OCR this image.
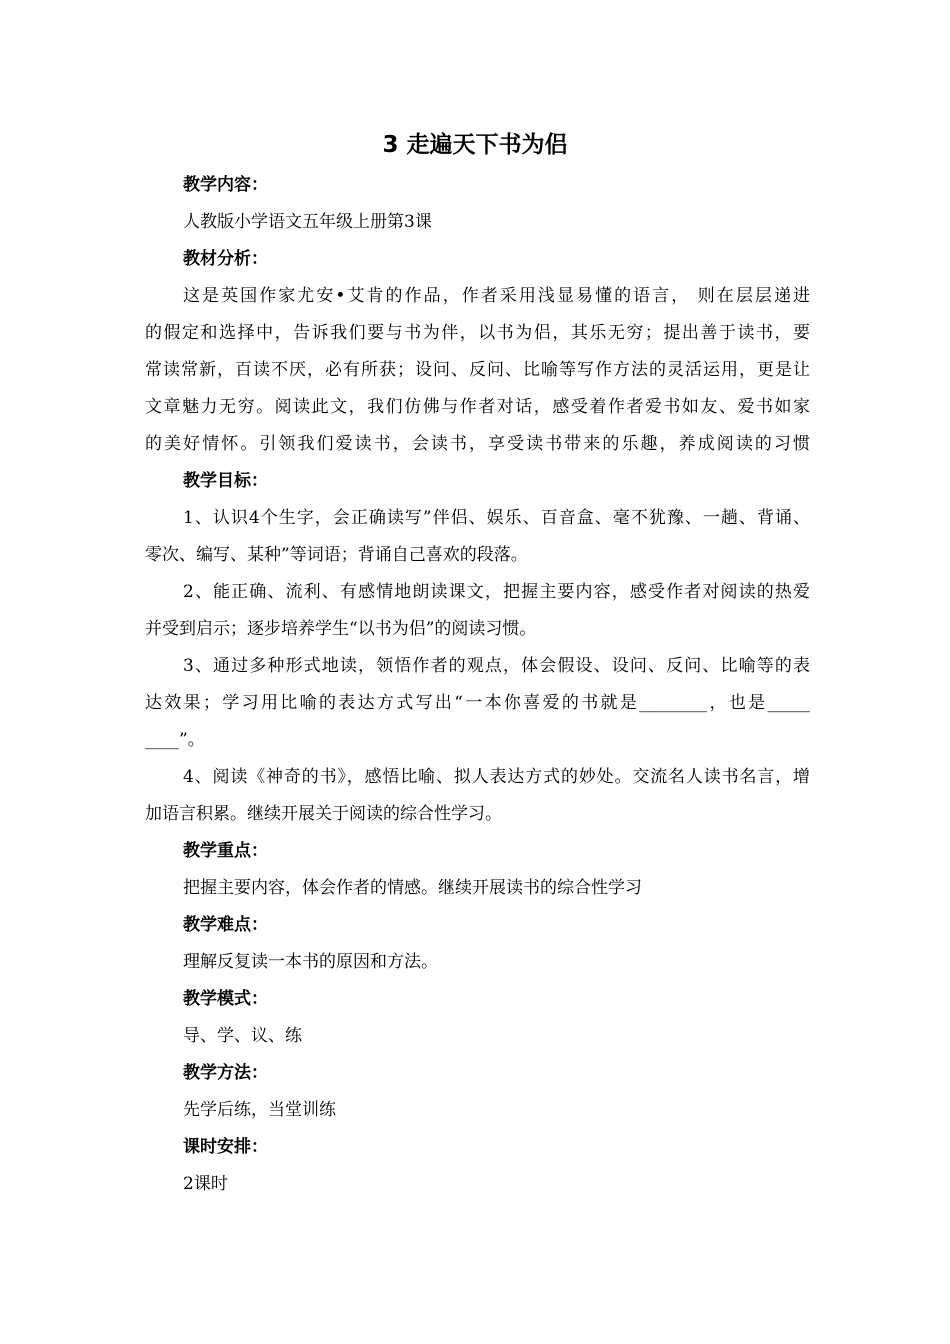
3 走遍天下书为侣
教学内容：
人教版小学语文五年级上册第3课
教材分析：
这是英国作家尤安•艾肯的作品，作者采用浅显易懂的语言， 则在层层递进
的假定和选择中，告诉我们要与书为伴，以书为侣，其乐无穷；提出善于读书，要
常读常新，百读不厌，必有所获；设问、反问、比喻等写作方法的灵活运用，更是让
文章魅力无穷。阅读此文，我们仿佛与作者对话，感受着作者爱书如友、爱书如家
的美好情怀。引领我们爱读书，会读书，享受读书带来的乐趣，养成阅读的习惯
教学目标：
1、认识4个生字，会正确读写”伴侣、娱乐、百音盒、毫不犹豫、一趟、背诵、
零次、编写、某种”等词语；背诵自己喜欢的段落。
2、能正确、流利、有感情地朗读课文，把握主要内容，感受作者对阅读的热爱
并受到启示；逐步培养学生“以书为侣”的阅读习惯。
3、通过多种形式地读，领悟作者的观点，体会假设、设问、反问、比喻等的表
达效果；学习用比喻的表达方式写出“一本你喜爱的书就是________，也是_____
____”。
4、阅读《神奇的书》，感悟比喻、拟人表达方式的妙处。交流名人读书名言，增
加语言积累。继续开展关于阅读的综合性学习。
教学重点：
把握主要内容，体会作者的情感。继续开展读书的综合性学习
教学难点：
理解反复读一本书的原因和方法。
教学模式：
导、学、议、练
教学方法：
先学后练，当堂训练
课时安排：
2课时
